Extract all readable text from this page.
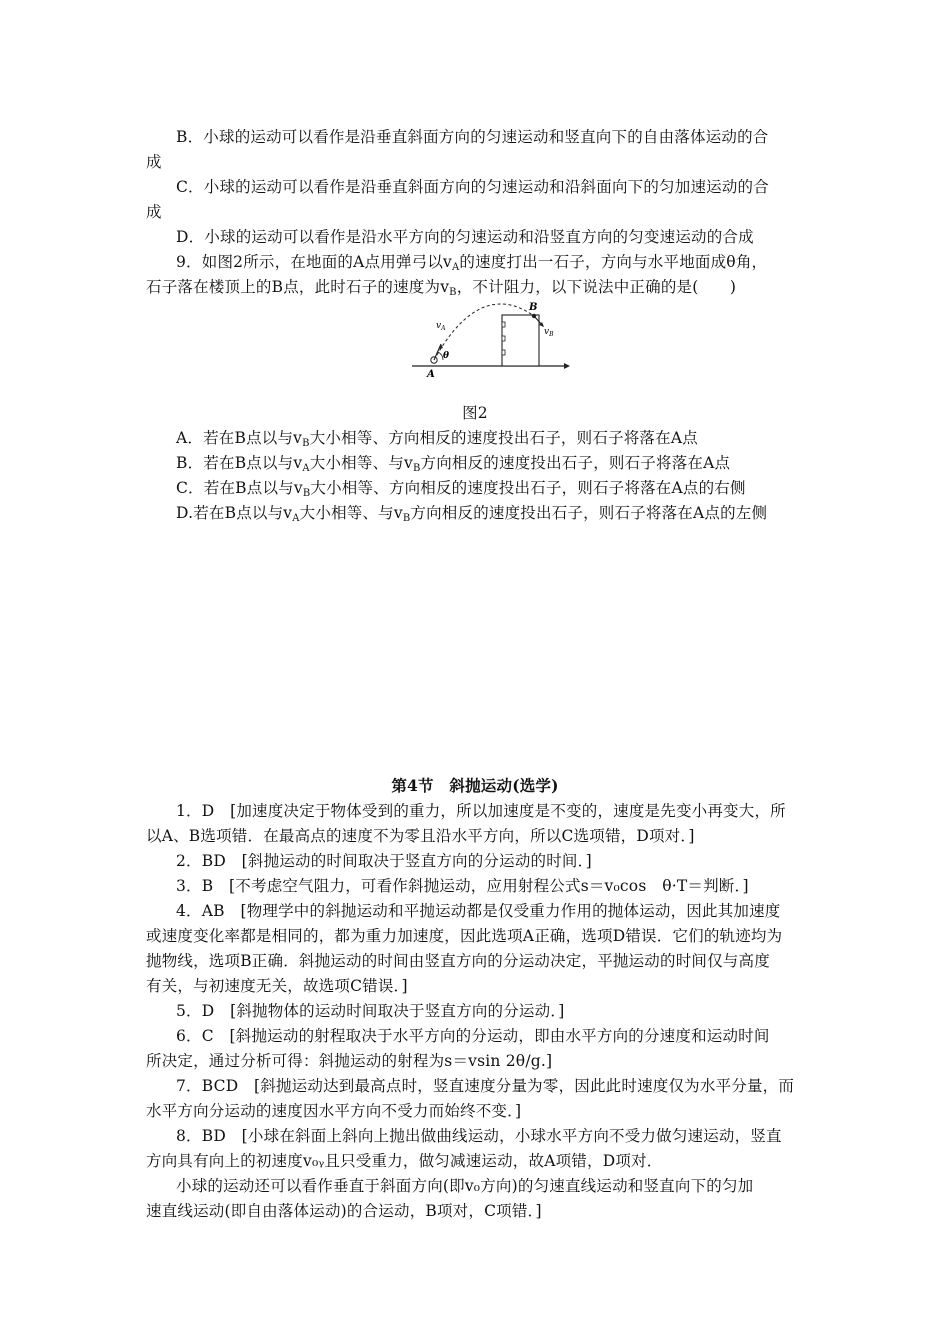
B．小球的运动可以看作是沿垂直斜面方向的匀速运动和竖直向下的自由落体运动的合
成
C．小球的运动可以看作是沿垂直斜面方向的匀速运动和沿斜面向下的匀加速运动的合
成
D．小球的运动可以看作是沿水平方向的匀速运动和沿竖直方向的匀变速运动的合成
9．如图2所示，在地面的A点用弹弓以vA的速度打出一石子，方向与水平地面成θ角，
石子落在楼顶上的B点，此时石子的速度为vB，不计阻力，以下说法中正确的是(　　)
$v_A$
θ
A
B
$v_B$
图2
A．若在B点以与vB大小相等、方向相反的速度投出石子，则石子将落在A点
B．若在B点以与vA大小相等、与vB方向相反的速度投出石子，则石子将落在A点
C．若在B点以与vB大小相等、方向相反的速度投出石子，则石子将落在A点的右侧
D.若在B点以与vA大小相等、与vB方向相反的速度投出石子，则石子将落在A点的左侧
第4节　斜抛运动(选学)
1．D　[加速度决定于物体受到的重力，所以加速度是不变的，速度是先变小再变大，所
以A、B选项错．在最高点的速度不为零且沿水平方向，所以C选项错，D项对．]
2．BD　[斜抛运动的时间取决于竖直方向的分运动的时间．]
3．B　[不考虑空气阻力，可看作斜抛运动，应用射程公式s＝v₀cos　θ·T＝判断．]
4．AB　[物理学中的斜抛运动和平抛运动都是仅受重力作用的抛体运动，因此其加速度
或速度变化率都是相同的，都为重力加速度，因此选项A正确，选项D错误．它们的轨迹均为
抛物线，选项B正确．斜抛运动的时间由竖直方向的分运动决定，平抛运动的时间仅与高度
有关，与初速度无关，故选项C错误．]
5．D　[斜抛物体的运动时间取决于竖直方向的分运动．]
6．C　[斜抛运动的射程取决于水平方向的分运动，即由水平方向的分速度和运动时间
所决定，通过分析可得：斜抛运动的射程为s＝vsin 2θ/g.]
7．BCD　[斜抛运动达到最高点时，竖直速度分量为零，因此此时速度仅为水平分量，而
水平方向分运动的速度因水平方向不受力而始终不变．]
8．BD　[小球在斜面上斜向上抛出做曲线运动，小球水平方向不受力做匀速运动，竖直
方向具有向上的初速度v₀ᵧ且只受重力，做匀减速运动，故A项错，D项对．
小球的运动还可以看作垂直于斜面方向(即v₀方向)的匀速直线运动和竖直向下的匀加
速直线运动(即自由落体运动)的合运动，B项对，C项错．]
